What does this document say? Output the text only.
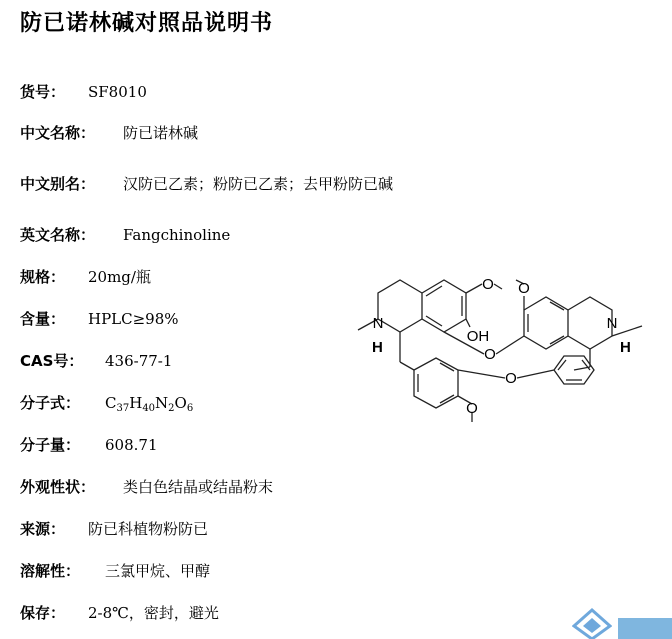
防已诺林碱对照品说明书
货号： SF8010
中文名称： 防已诺林碱
中文别名： 汉防已乙素；粉防已乙素；去甲粉防已碱
英文名称： Fangchinoline
规格： 20mg/瓶
含量： HPLC≥98%
CAS号： 436-77-1
分子式： $C_{37}H_{40}N_2O_6$
分子量： 608.71
外观性状： 类白色结晶或结晶粉末
来源： 防已科植物粉防已
溶解性： 三氯甲烷、甲醇
保存： 2-8℃，密封，避光
N
H
OH
O
O
N
H
O O
O
